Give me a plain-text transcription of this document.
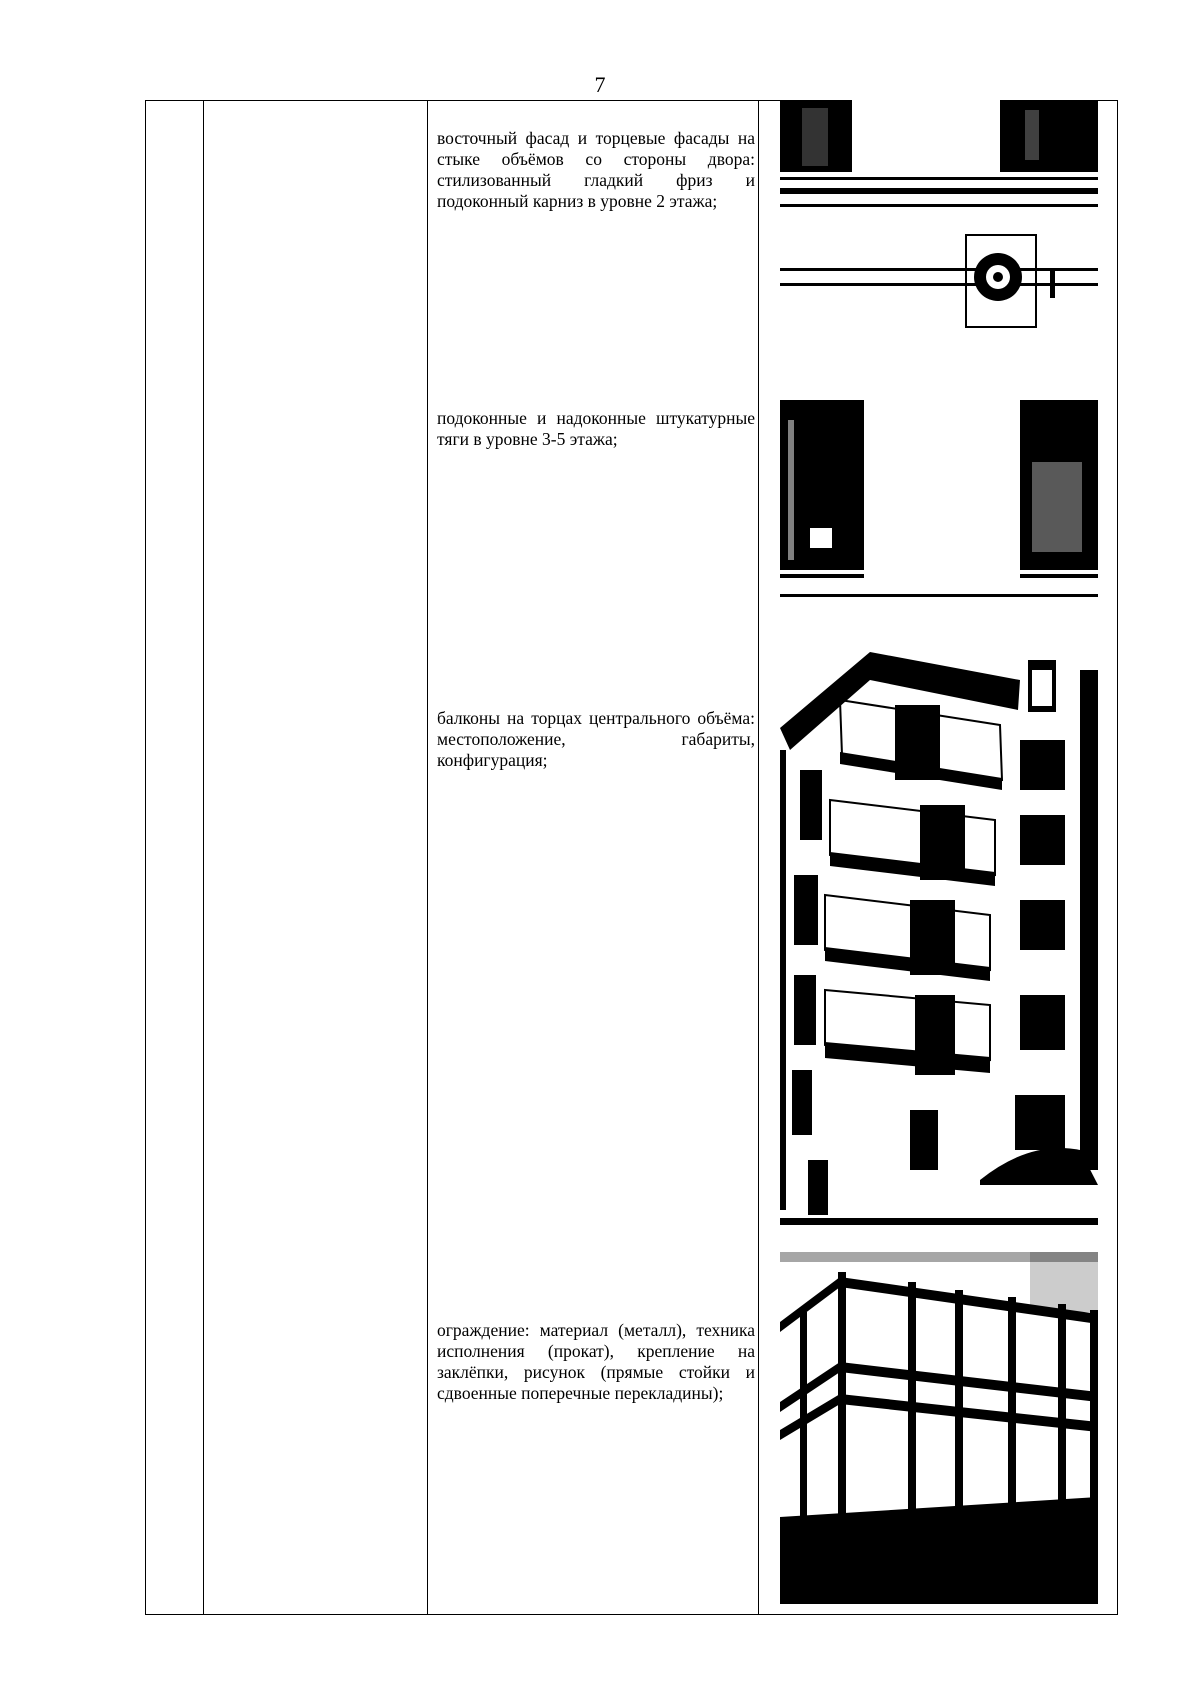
7
восточный фасад и торцевые фасады на стыке объёмов со стороны двора: стилизованный гладкий фриз и подоконный карниз в уровне 2 этажа;
подоконные и надоконные штукатурные тяги в уровне 3-5 этажа;
балконы на торцах центрального объёма: местоположение, габариты, конфигурация;
ограждение: материал (металл), техника исполнения (прокат), крепление на заклёпки, рисунок (прямые стойки и сдвоенные поперечные перекладины);
